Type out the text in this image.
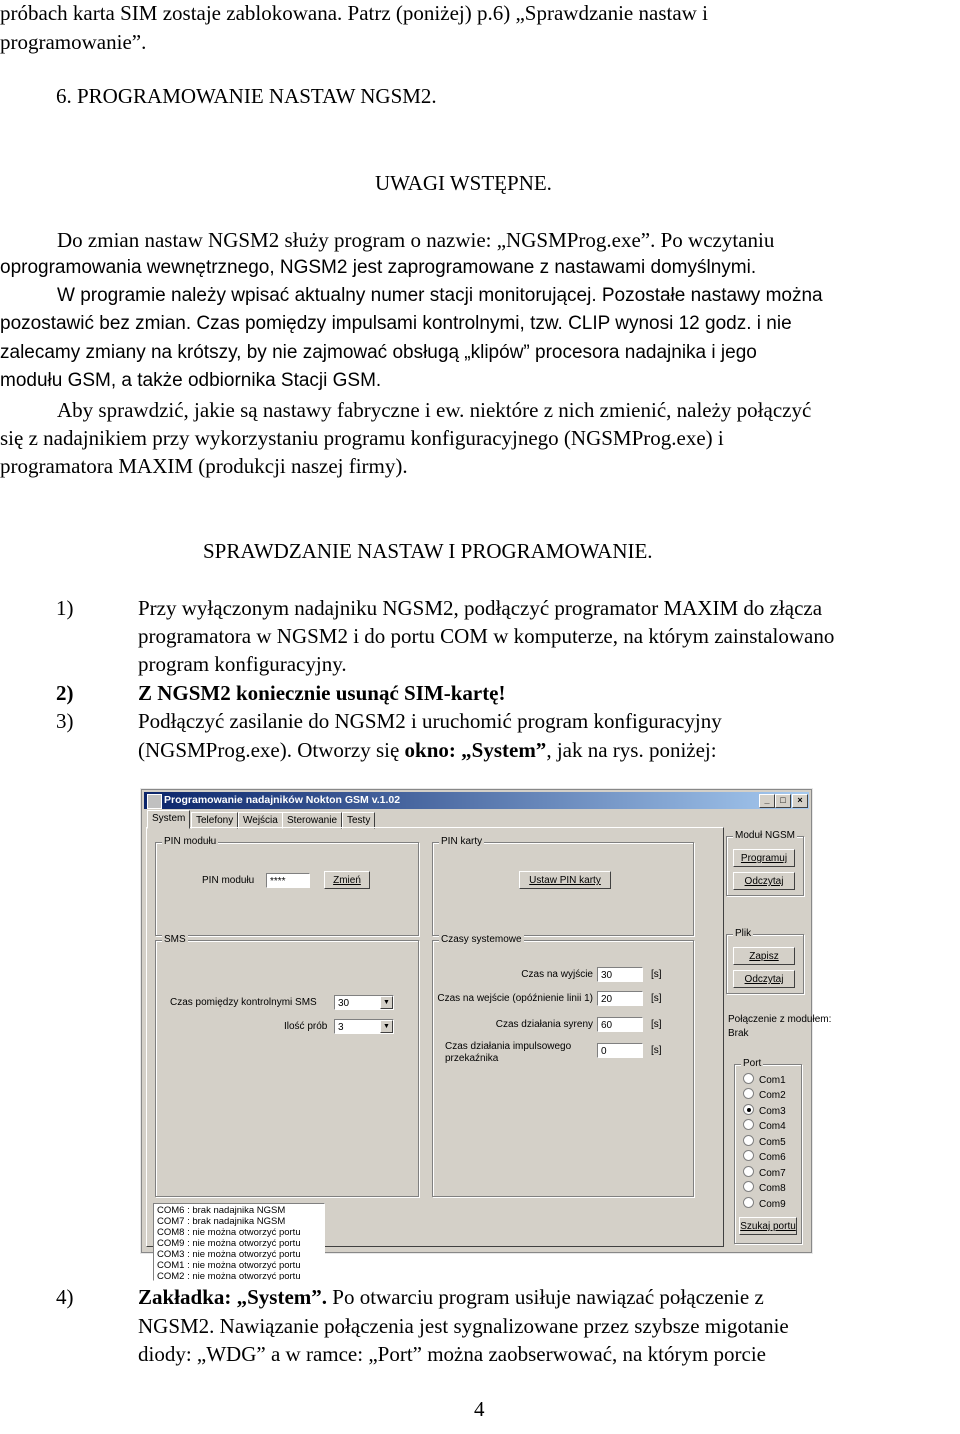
próbach karta SIM zostaje zablokowana. Patrz (poniżej) p.6) „Sprawdzanie nastaw i
programowanie”.
6. PROGRAMOWANIE NASTAW NGSM2.
UWAGI WSTĘPNE.
Do zmian nastaw NGSM2 służy program o nazwie: „NGSMProg.exe”. Po wczytaniu
oprogramowania wewnętrznego, NGSM2 jest zaprogramowane z nastawami domyślnymi.
W programie należy wpisać aktualny numer stacji monitorującej. Pozostałe nastawy można
pozostawić bez zmian. Czas pomiędzy impulsami kontrolnymi, tzw. CLIP wynosi 12 godz. i nie
zalecamy zmiany na krótszy, by nie zajmować obsługą „klipów” procesora nadajnika i jego
modułu GSM, a także odbiornika Stacji GSM.
Aby sprawdzić, jakie są nastawy fabryczne i ew. niektóre z nich zmienić, należy połączyć
się z nadajnikiem przy wykorzystaniu programu konfiguracyjnego (NGSMProg.exe) i
programatora MAXIM (produkcji naszej firmy).
SPRAWDZANIE NASTAW I PROGRAMOWANIE.
1)	Przy wyłączonym nadajniku NGSM2, podłączyć programator MAXIM do złącza
programatora w NGSM2 i do portu COM w komputerze, na którym zainstalowano
program konfiguracyjny.
2)	Z NGSM2 koniecznie usunąć SIM-kartę!
3)	Podłączyć zasilanie do NGSM2 i uruchomić program konfiguracyjny
(NGSMProg.exe). Otworzy się okno: „System”, jak na rys. poniżej:
Programowanie nadajników Nokton GSM v.1.02	_	□	×
System	Telefony Wejścia Sterowanie Testy
PIN modułu
PIN modułu	****	Zmień
PIN karty
Ustaw PIN karty
SMS
Czas pomiędzy kontrolnymi SMS	30	▼
Ilość prób	3	▼
Czasy systemowe
Czas na wyjście 30	[s]
Czas na wejście (opóźnienie linii 1) 20	[s]
Czas działania syreny 60	[s]
Czas działania impulsowego
przekaźnika
0	[s]
COM6 : brak nadajnika NGSM
COM7 : brak nadajnika NGSM
COM8 : nie można otworzyć portu
COM9 : nie można otworzyć portu
COM3 : nie można otworzyć portu
COM1 : nie można otworzyć portu
COM2 : nie można otworzyć portu
Moduł NGSM
Programuj
Odczytaj
Plik
Zapisz
Odczytaj
Połączenie z modułem:
Brak
Port
Com1
Com2
Com3
Com4
Com5
Com6
Com7
Com8
Com9
Szukaj portu
4)	Zakładka: „System”. Po otwarciu program usiłuje nawiązać połączenie z
NGSM2. Nawiązanie połączenia jest sygnalizowane przez szybsze migotanie
diody: „WDG” a w ramce: „Port” można zaobserwować, na którym porcie
4
